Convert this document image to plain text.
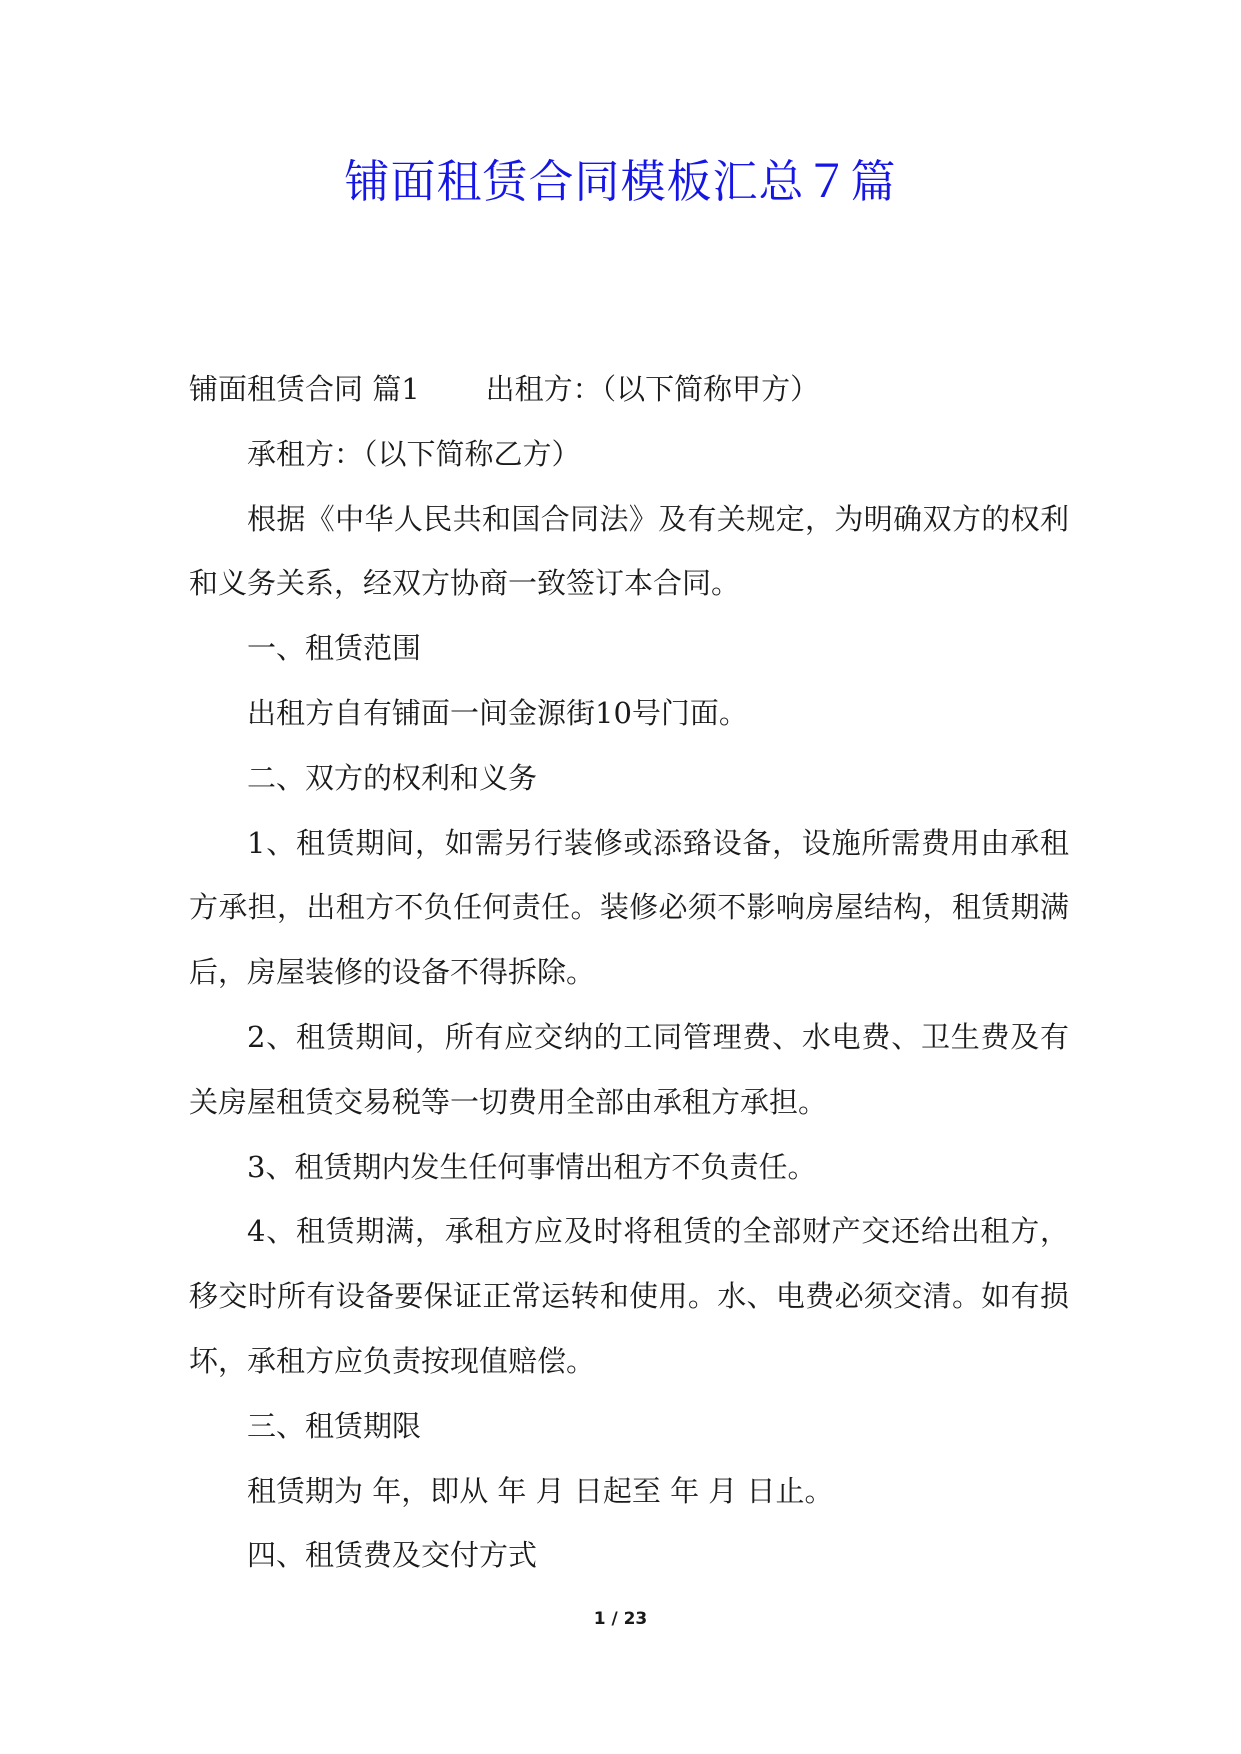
铺面租赁合同模板汇总７篇

铺面租赁合同 篇1 出租方：（以下简称甲方）

承租方：（以下简称乙方）

根据《中华人民共和国合同法》及有关规定，为明确双方的权利和义务关系，经双方协商一致签订本合同。

一、租赁范围

出租方自有铺面一间金源街10号门面。

二、双方的权利和义务

1、租赁期间，如需另行装修或添臵设备，设施所需费用由承租方承担，出租方不负任何责任。装修必须不影响房屋结构，租赁期满后，房屋装修的设备不得拆除。

2、租赁期间，所有应交纳的工同管理费、水电费、卫生费及有关房屋租赁交易税等一切费用全部由承租方承担。

3、租赁期内发生任何事情出租方不负责任。

4、租赁期满，承租方应及时将租赁的全部财产交还给出租方，移交时所有设备要保证正常运转和使用。水、电费必须交清。如有损坏，承租方应负责按现值赔偿。

三、租赁期限

租赁期为 年，即从 年 月 日起至 年 月 日止。

四、租赁费及交付方式

1 / 23
